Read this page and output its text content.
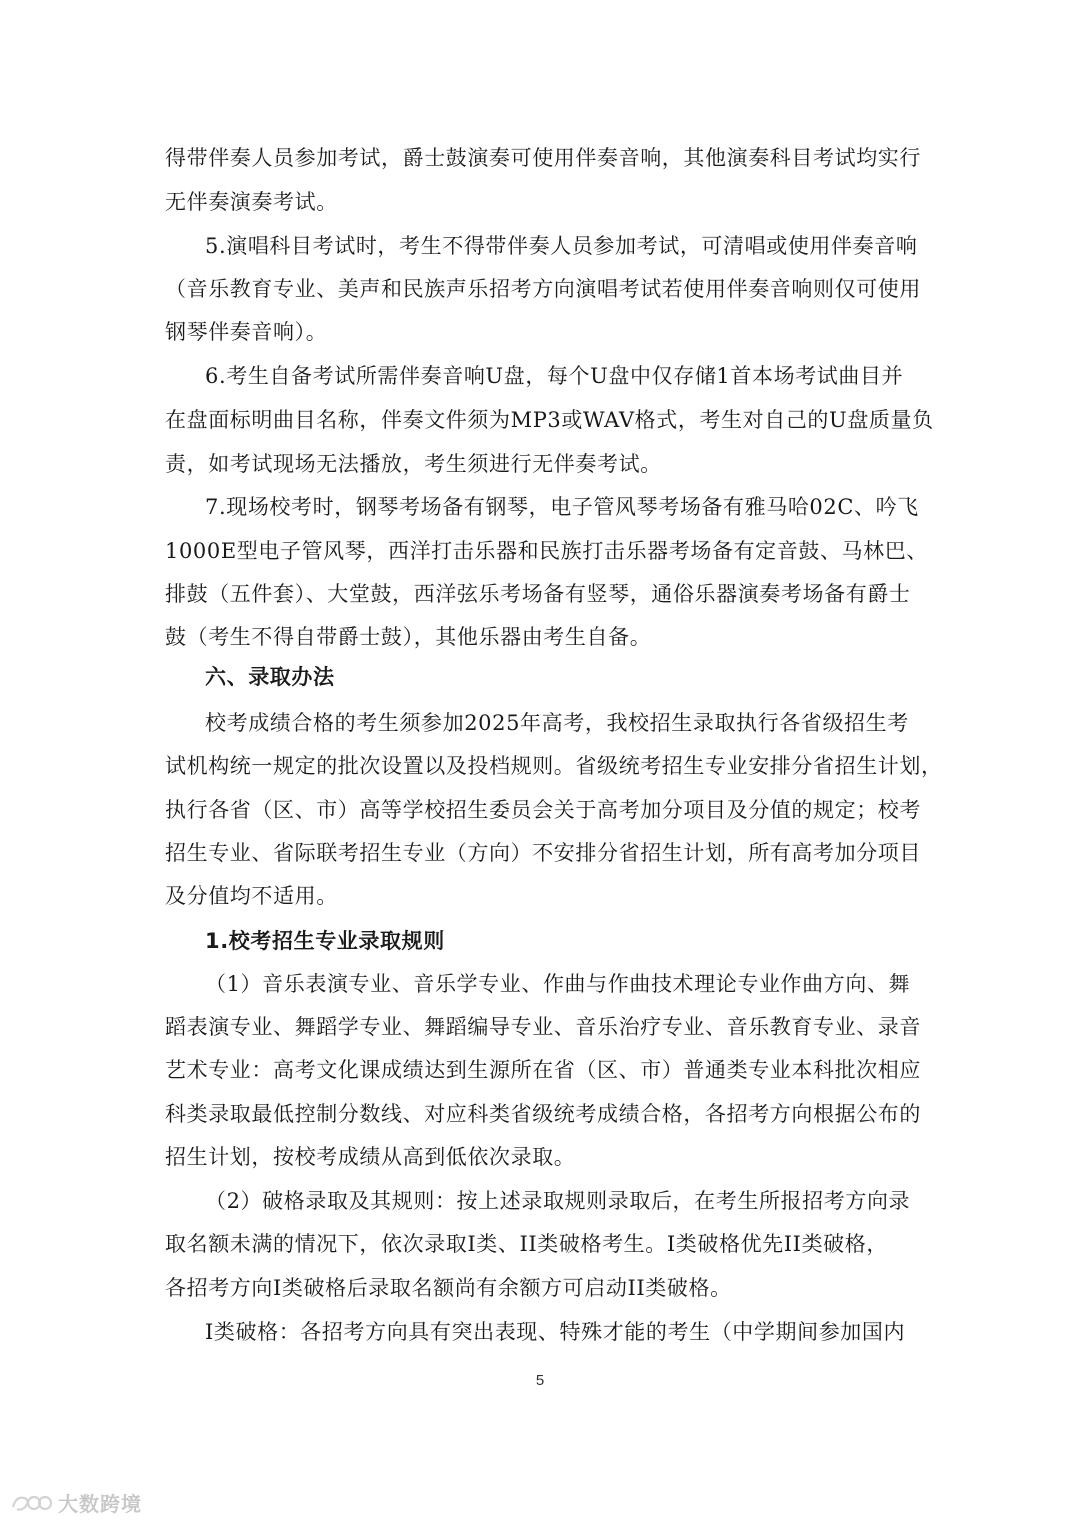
得带伴奏人员参加考试，爵士鼓演奏可使用伴奏音响，其他演奏科目考试均实行
无伴奏演奏考试。
5.演唱科目考试时，考生不得带伴奏人员参加考试，可清唱或使用伴奏音响
（音乐教育专业、美声和民族声乐招考方向演唱考试若使用伴奏音响则仅可使用
钢琴伴奏音响）。
6.考生自备考试所需伴奏音响U盘，每个U盘中仅存储1首本场考试曲目并
在盘面标明曲目名称，伴奏文件须为MP3或WAV格式，考生对自己的U盘质量负
责，如考试现场无法播放，考生须进行无伴奏考试。
7.现场校考时，钢琴考场备有钢琴，电子管风琴考场备有雅马哈02C、吟飞
1000E型电子管风琴，西洋打击乐器和民族打击乐器考场备有定音鼓、马林巴、
排鼓（五件套）、大堂鼓，西洋弦乐考场备有竖琴，通俗乐器演奏考场备有爵士
鼓（考生不得自带爵士鼓），其他乐器由考生自备。
六、录取办法
校考成绩合格的考生须参加2025年高考，我校招生录取执行各省级招生考
试机构统一规定的批次设置以及投档规则。省级统考招生专业安排分省招生计划，
执行各省（区、市）高等学校招生委员会关于高考加分项目及分值的规定；校考
招生专业、省际联考招生专业（方向）不安排分省招生计划，所有高考加分项目
及分值均不适用。
1.校考招生专业录取规则
（1）音乐表演专业、音乐学专业、作曲与作曲技术理论专业作曲方向、舞
蹈表演专业、舞蹈学专业、舞蹈编导专业、音乐治疗专业、音乐教育专业、录音
艺术专业：高考文化课成绩达到生源所在省（区、市）普通类专业本科批次相应
科类录取最低控制分数线、对应科类省级统考成绩合格，各招考方向根据公布的
招生计划，按校考成绩从高到低依次录取。
（2）破格录取及其规则：按上述录取规则录取后，在考生所报招考方向录
取名额未满的情况下，依次录取I类、II类破格考生。I类破格优先II类破格，
各招考方向I类破格后录取名额尚有余额方可启动II类破格。
I类破格：各招考方向具有突出表现、特殊才能的考生（中学期间参加国内
5
大数跨境
